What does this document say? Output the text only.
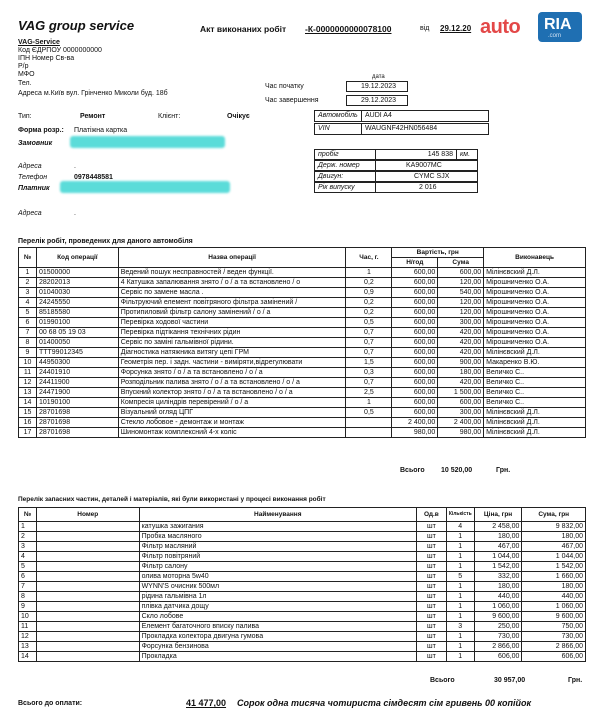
VAG group service	Акт виконаних робіт -К-0000000000078100	від 29.12.20 auto RIA
.com
VAG-Service
Код ЄДРПОУ 0000000000
ІПН Номер Св-ва
Р/р
МФО
Тел.
Адреса м.Київ вул. Грінченко Миколи буд. 18б
дата
Час початку	19.12.2023
Час завершення	29.12.2023
Тип:	Ремонт	Клієнт:	Очікує
Форма розр.: Платіжна картка
Замовник
Адреса	.
Телефон	0978448581
Платник
Адреса	.
Автомобіль	AUDI A4
VIN	WAUGNF42HN056484
пробіг	145 838	км.
Держ. номер	KA9007MC
Двигун:	CYMC SJX
Рік випуску	2 016
Перелік робіт, проведених для даного автомобіля
№	Код операції	Назва операції	Час, г.	Вартість, грн		Виконавець
				Н/год	Сума	
1	01500000	Ведений пошук несправностей / веден функції.	1	600,00	600,00	Мілінєвский Д.Л.
2	28202013	4 Катушка запалювання знято / о / а та встановлено / о	0,2	600,00	120,00	Мірошниченко О.А.
3	01040030	Сервіс по замене масла .	0,9	600,00	540,00	Мірошниченко О.А.
4	24245550	Фільтруючий елемент повітряного фільтра замінений /	0,2	600,00	120,00	Мірошниченко О.А.
5	85185580	Протипиловий фільтр салону замінений / о / а	0,2	600,00	120,00	Мірошниченко О.А.
6	01990100	Перевірка ходової частини	0,5	600,00	300,00	Мірошниченко О.А.
7	00 68 05 19 03	Перевірка підтікання технічних рідин	0,7	600,00	420,00	Мірошниченко О.А.
8	01400050	Сервіс по заміні гальмівної рідини.	0,7	600,00	420,00	Мірошниченко О.А.
9	TTT99012345	Діагностика натяжника витягу цепі ГРМ	0,7	600,00	420,00	Мілінєвский Д.Л.
10	44950300	Геометрія пер. і задн. частини - виміряти,відрегулювати	1,5	600,00	900,00	Макаренко В.Ю.
11	24401910	Форсунка знято / о / а та встановлено / о / а	0,3	600,00	180,00	Величко С..
12	24411900	Розподільник палива знято / о / а та встановлено / о / а	0,7	600,00	420,00	Величко С..
13	24471900	Впускний колектор знято / о / а та встановлено / о / а	2,5	600,00	1 500,00	Величко С..
14	10190100	Компресія циліндрів перевірений / о / а	1	600,00	600,00	Величко С..
15	28701698	Візуальний огляд ЦПГ	0,5	600,00	300,00	Мілінєвский Д.Л.
16	28701698	Стекло лобовое - демонтаж и монтаж		2 400,00	2 400,00	Мілінєвский Д.Л.
17	28701698	Шиномонтаж комплексний 4-х коліс		980,00	980,00	Мілінєвский Д.Л.
Всього 10 520,00	Грн.
Перелік запасних частин, деталей і матеріалів, які були використані у процесі виконання робіт
№	Номер	Найменування	Од.в	Кількість	Ціна, грн	Сума, грн
1		катушка зажигания	шт	4	2 458,00	9 832,00
2		Пробка масляного	шт	1	180,00	180,00
3		Фільтр масляний	шт	1	467,00	467,00
4		Фільтр повітряний	шт	1	1 044,00	1 044,00
5		Фільтр салону	шт	1	1 542,00	1 542,00
6		олива моторна 5w40	шт	5	332,00	1 660,00
7		WYNN'S очисник 500мл	шт	1	180,00	180,00
8		рідина гальмівна 1л	шт	1	440,00	440,00
9		плівка датчика дощу	шт	1	1 060,00	1 060,00
10		Скло лобове	шт	1	9 600,00	9 600,00
11		Елемент багаточного впиcку палива	шт	3	250,00	750,00
12		Прокладка колектора двигуна гумова	шт	1	730,00	730,00
13		Форсунка бензинова	шт	1	2 866,00	2 866,00
14		Прокладка	шт	1	606,00	606,00
Всього	30 957,00	Грн.
Всього до оплати:	41 477,00 Сорок одна тисяча чотириста сімдесят сім гривень 00 копійок
